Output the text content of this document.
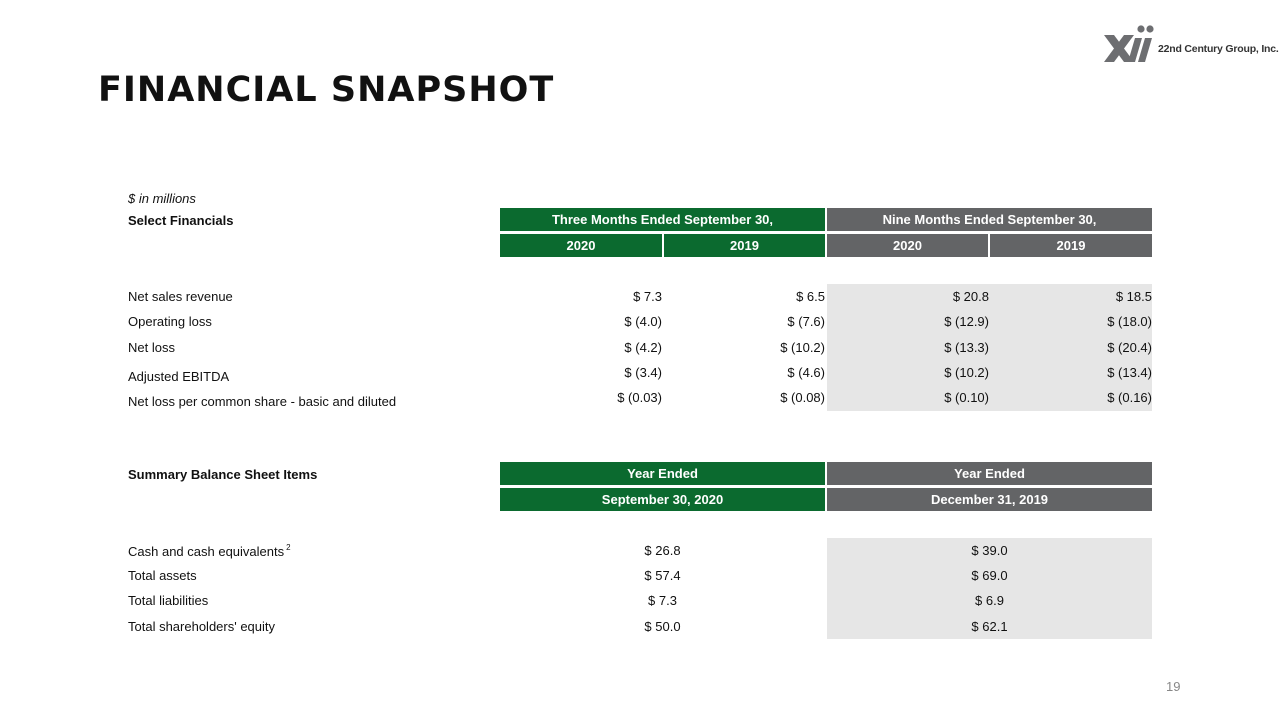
FINANCIAL SNAPSHOT
22nd Century Group, Inc.
$ in millions
Select Financials	Three Months Ended September 30,	Nine Months Ended September 30,
2020	2019	2020	2019
Net sales revenue	$ 7.3	$ 6.5	$ 20.8	$ 18.5
Operating loss	$ (4.0)	$ (7.6)	$ (12.9)	$ (18.0)
Net loss	$ (4.2)	$ (10.2)	$ (13.3)	$ (20.4)
Adjusted EBITDA	$ (3.4)	$ (4.6)	$ (10.2)	$ (13.4)
Net loss per common share - basic and diluted	$ (0.03)	$ (0.08)	$ (0.10)	$ (0.16)
Summary Balance Sheet Items	Year Ended	Year Ended
September 30, 2020	December 31, 2019
Cash and cash equivalents $^2$	$ 26.8	$ 39.0
Total assets	$ 57.4	$ 69.0
Total liabilities	$ 7.3	$ 6.9
Total shareholders' equity	$ 50.0	$ 62.1
19
